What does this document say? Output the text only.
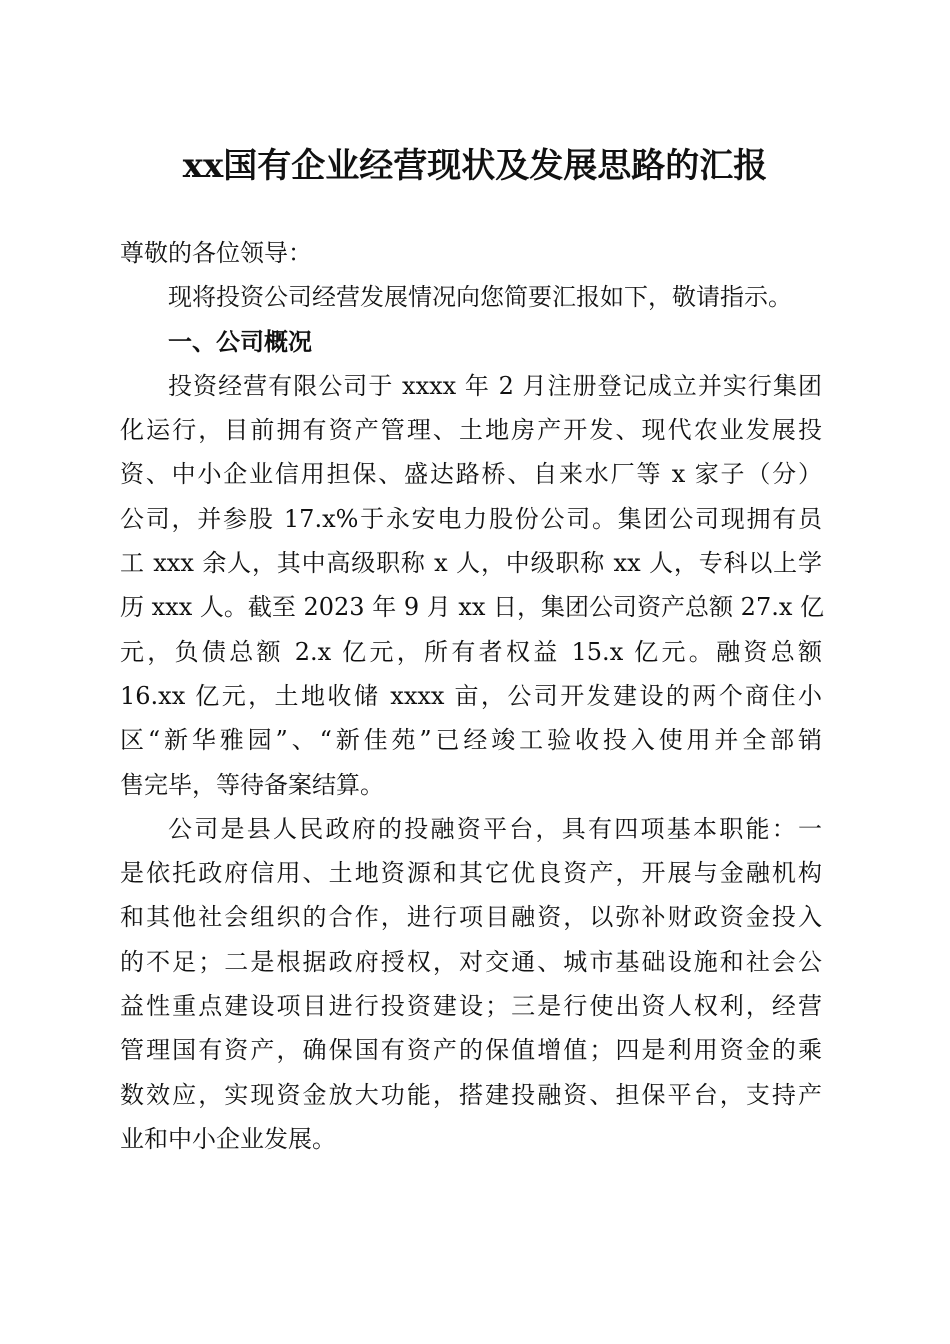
xx国有企业经营现状及发展思路的汇报
尊敬的各位领导：
现将投资公司经营发展情况向您简要汇报如下，敬请指示。
一、公司概况
投资经营有限公司于 xxxx 年 2 月注册登记成立并实行集团
化运行，目前拥有资产管理、土地房产开发、现代农业发展投
资、中小企业信用担保、盛达路桥、自来水厂等 x 家子（分）
公司，并参股 17.x%于永安电力股份公司。集团公司现拥有员
工 xxx 余人，其中高级职称 x 人，中级职称 xx 人，专科以上学
历 xxx 人。截至 2023 年 9 月 xx 日，集团公司资产总额 27.x 亿
元，负债总额 2.x 亿元，所有者权益 15.x 亿元。融资总额
16.xx 亿元，土地收储 xxxx 亩，公司开发建设的两个商住小
区“新华雅园”、“新佳苑”已经竣工验收投入使用并全部销
售完毕，等待备案结算。
公司是县人民政府的投融资平台，具有四项基本职能：一
是依托政府信用、土地资源和其它优良资产，开展与金融机构
和其他社会组织的合作，进行项目融资，以弥补财政资金投入
的不足；二是根据政府授权，对交通、城市基础设施和社会公
益性重点建设项目进行投资建设；三是行使出资人权利，经营
管理国有资产，确保国有资产的保值增值；四是利用资金的乘
数效应，实现资金放大功能，搭建投融资、担保平台，支持产
业和中小企业发展。
